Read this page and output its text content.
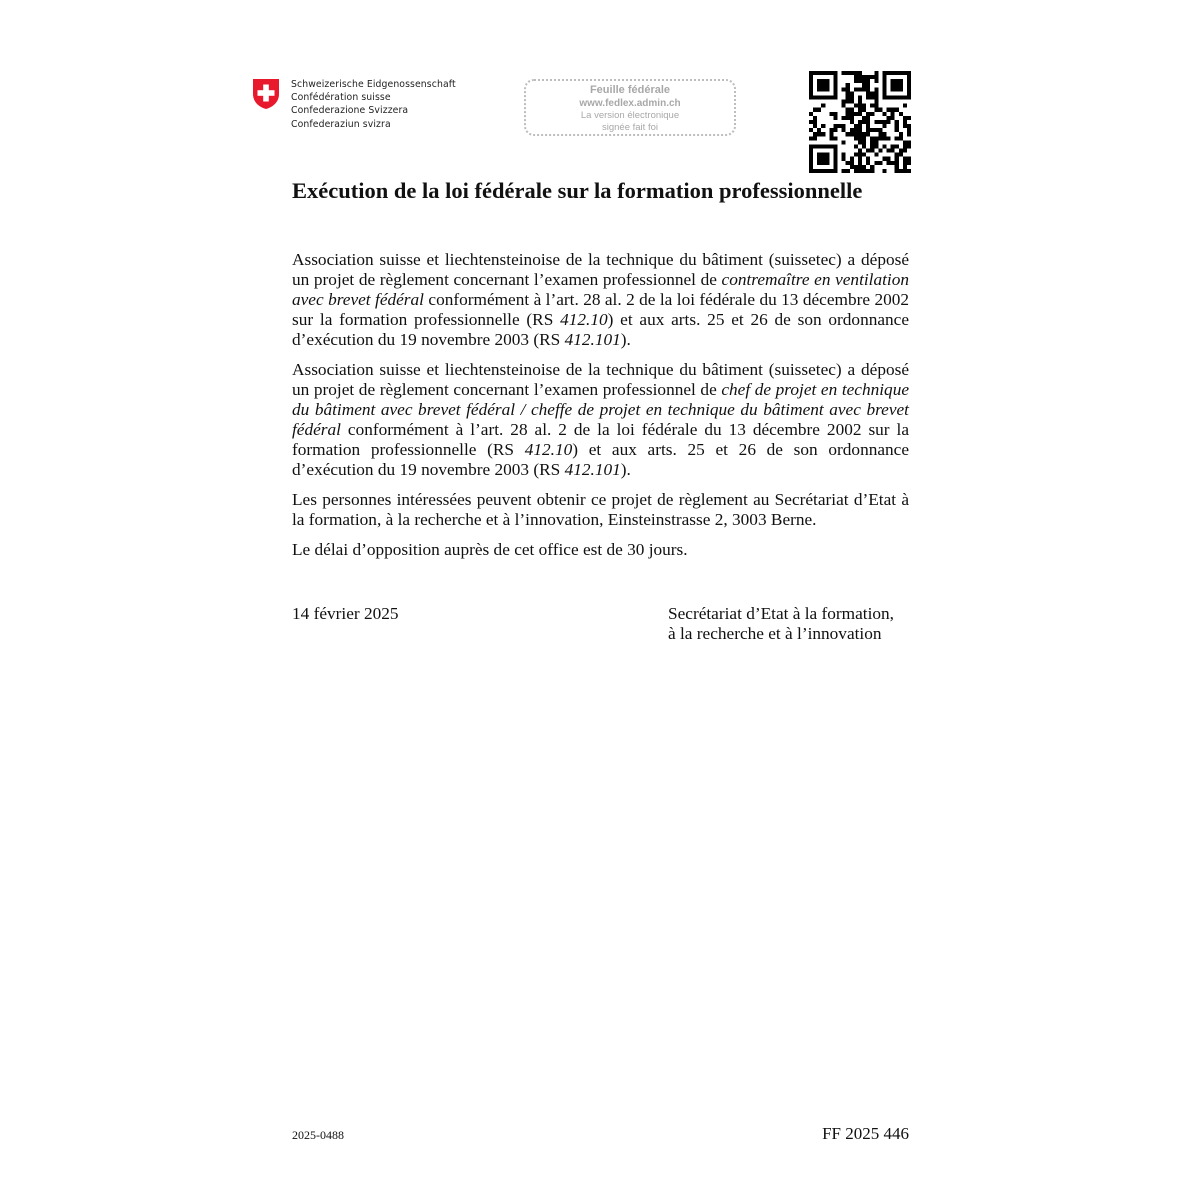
Schweizerische Eidgenossenschaft
Confédération suisse
Confederazione Svizzera
Confederaziun svizra
Feuille fédérale
www.fedlex.admin.ch
La version électronique
signée fait foi
Exécution de la loi fédérale sur la formation professionnelle

Association suisse et liechtensteinoise de la technique du bâtiment (suissetec) a déposé un projet de règlement concernant l’examen professionnel de contremaître en ventilation avec brevet fédéral conformément à l’art. 28 al. 2 de la loi fédérale du 13 décembre 2002 sur la formation professionnelle (RS 412.10) et aux arts. 25 et 26 de son ordonnance d’exécution du 19 novembre 2003 (RS 412.101).

Association suisse et liechtensteinoise de la technique du bâtiment (suissetec) a déposé un projet de règlement concernant l’examen professionnel de chef de projet en technique du bâtiment avec brevet fédéral / cheffe de projet en technique du bâtiment avec brevet fédéral conformément à l’art. 28 al. 2 de la loi fédérale du 13 décembre 2002 sur la formation professionnelle (RS 412.10) et aux arts. 25 et 26 de son ordonnance d’exécution du 19 novembre 2003 (RS 412.101).

Les personnes intéressées peuvent obtenir ce projet de règlement au Secrétariat d’Etat à la formation, à la recherche et à l’innovation, Einsteinstrasse 2, 3003 Berne.

Le délai d’opposition auprès de cet office est de 30 jours.

14 février 2025	Secrétariat d’Etat à la formation,
à la recherche et à l’innovation
2025-0488	FF 2025 446
